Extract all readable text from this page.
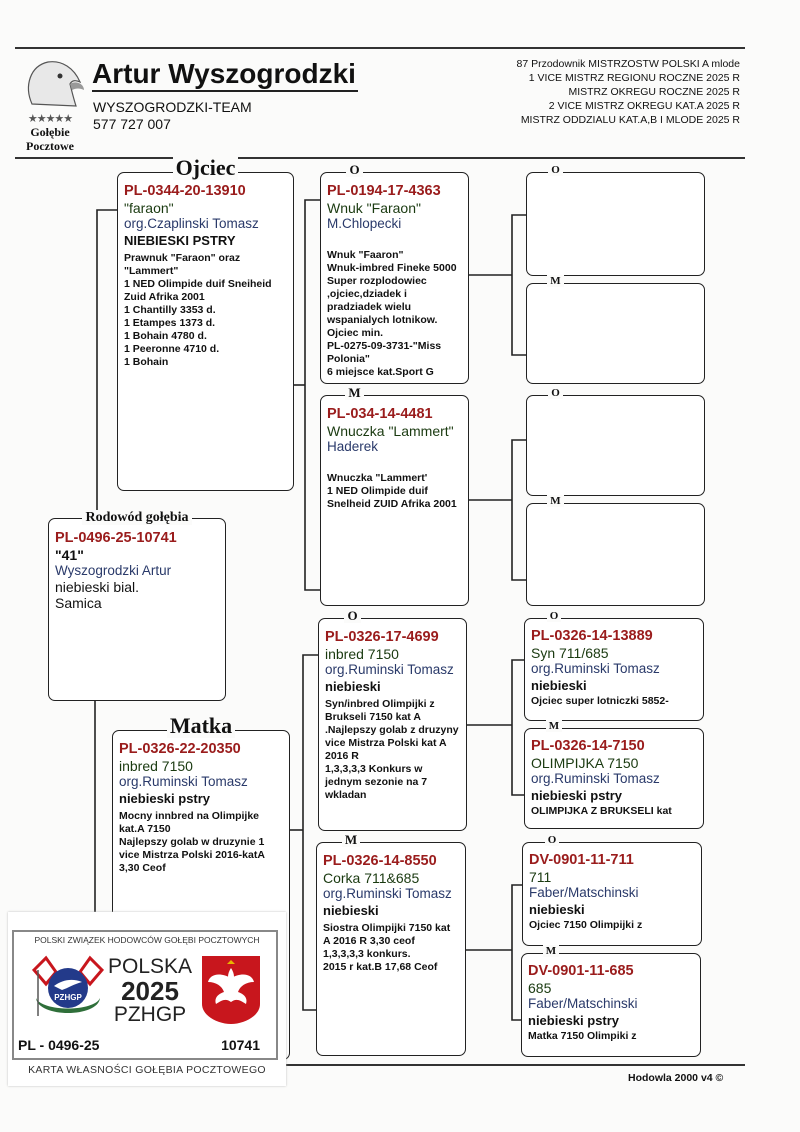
★★★★★
Gołębie
Pocztowe
Artur Wyszogrodzki
WYSZOGRODZKI-TEAM
577 727 007
87 Przodownik MISTRZOSTW POLSKI A mlode
1 VICE MISTRZ REGIONU ROCZNE 2025 R
MISTRZ OKREGU ROCZNE 2025 R
2 VICE MISTRZ OKREGU KAT.A 2025 R
MISTRZ ODDZIALU KAT.A,B I MLODE 2025 R
Rodowód gołębia
PL-0496-25-10741
"41"
Wyszogrodzki Artur
niebieski bial.
Samica
Ojciec
PL-0344-20-13910
"faraon"
org.Czaplinski Tomasz
NIEBIESKI PSTRY
Prawnuk "Faraon" oraz "Lammert"
1 NED Olimpide duif Sneiheid Zuid Afrika 2001
1 Chantilly 3353 d.
1 Etampes 1373 d.
1 Bohain 4780 d.
1 Peeronne 4710 d.
1 Bohain
Matka
PL-0326-22-20350
inbred 7150
org.Ruminski Tomasz
niebieski pstry
Mocny innbred na Olimpijke kat.A 7150
Najlepszy golab w druzynie 1 vice Mistrza Polski 2016-katA 3,30 Ceof
O
PL-0194-17-4363
Wnuk "Faraon"
M.Chlopecki
Wnuk "Faaron"
Wnuk-imbred Fineke 5000
Super rozplodowiec ,ojciec,dziadek i pradziadek wielu wspanialych lotnikow.
Ojciec min.
PL-0275-09-3731-"Miss Polonia"
6 miejsce kat.Sport G
M
PL-034-14-4481
Wnuczka "Lammert"
Haderek
Wnuczka "Lammert'
1 NED Olimpide duif Snelheid ZUID Afrika 2001
O
PL-0326-17-4699
inbred 7150
org.Ruminski Tomasz
niebieski
Syn/inbred Olimpijki z Brukseli 7150 kat A .Najlepszy golab z druzyny vice Mistrza Polski kat A 2016 R
1,3,3,3,3 Konkurs w jednym sezonie na 7 wkladan
M
PL-0326-14-8550
Corka 711&685
org.Ruminski Tomasz
niebieski
Siostra Olimpijki 7150 kat A 2016 R 3,30 ceof
1,3,3,3,3 konkurs.
2015 r kat.B 17,68 Ceof
O
M
O
M
O
PL-0326-14-13889
Syn 711/685
org.Ruminski Tomasz
niebieski
Ojciec super lotniczki 5852-
M
PL-0326-14-7150
OLIMPIJKA 7150
org.Ruminski Tomasz
niebieski pstry
OLIMPIJKA Z BRUKSELI kat
O
DV-0901-11-711
711
Faber/Matschinski
niebieski
Ojciec 7150 Olimpijki z
M
DV-0901-11-685
685
Faber/Matschinski
niebieski pstry
Matka 7150 Olimpiki z
Hodowla 2000 v4 ©
POLSKI ZWIĄZEK HODOWCÓW GOŁĘBI POCZTOWYCH
PZHGP
POLSKA
2025
PZHGP
PL - 0496-25	10741
KARTA WŁASNOŚCI GOŁĘBIA POCZTOWEGO
